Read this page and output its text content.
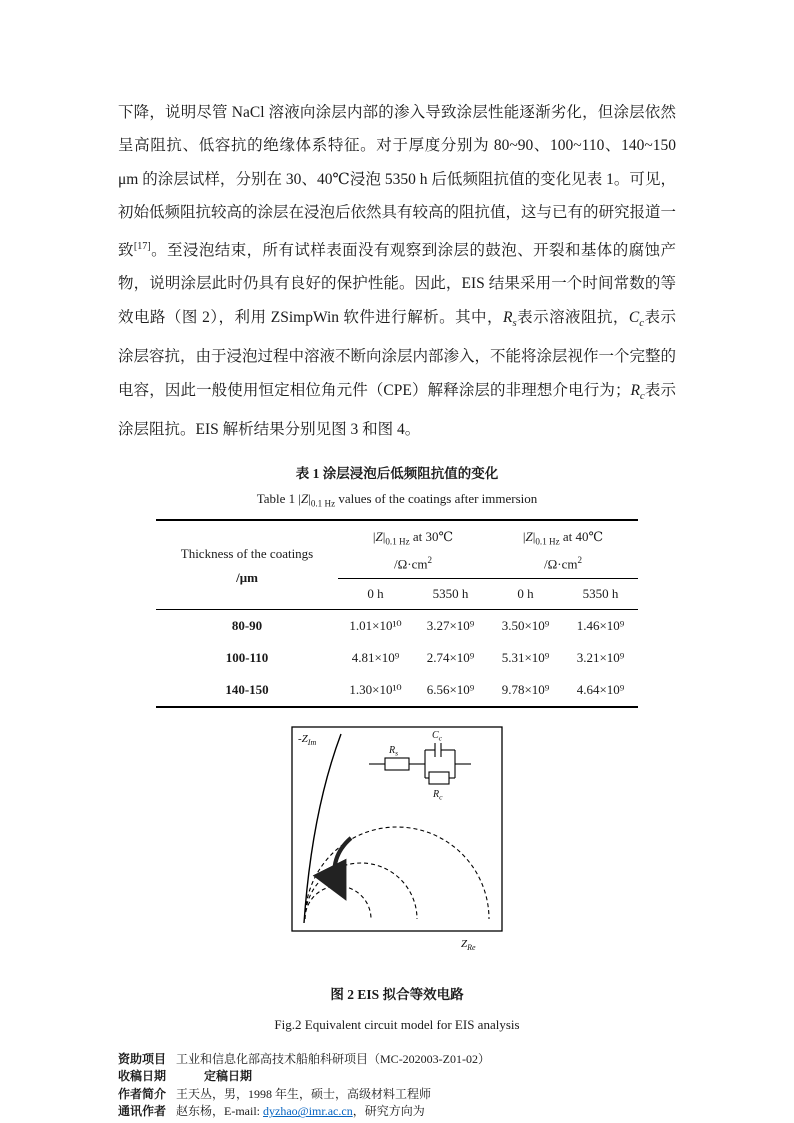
下降，说明尽管 NaCl 溶液向涂层内部的渗入导致涂层性能逐渐劣化，但涂层依然呈高阻抗、低容抗的绝缘体系特征。对于厚度分别为 80~90、100~110、140~150 μm 的涂层试样，分别在 30、40℃浸泡 5350 h 后低频阻抗值的变化见表 1。可见，初始低频阻抗较高的涂层在浸泡后依然具有较高的阻抗值，这与已有的研究报道一致[17]。至浸泡结束，所有试样表面没有观察到涂层的鼓泡、开裂和基体的腐蚀产物，说明涂层此时仍具有良好的保护性能。因此，EIS 结果采用一个时间常数的等效电路（图 2），利用 ZSimpWin 软件进行解析。其中，$R_s$表示溶液阻抗，$C_c$表示涂层容抗，由于浸泡过程中溶液不断向涂层内部渗入，不能将涂层视作一个完整的电容，因此一般使用恒定相位角元件（CPE）解释涂层的非理想介电行为；$R_c$表示涂层阻抗。EIS 解析结果分别见图 3 和图 4。

表 1 涂层浸泡后低频阻抗值的变化
Table 1 $|Z|_{0.1 Hz}$ values of the coatings after immersion
Thickness of the coatings
/μm

$|Z|_{0.1 Hz}$ at 30℃
$/\Omega\cdot cm^2$

$|Z|_{0.1 Hz}$ at 40℃
$/\Omega\cdot cm^2$

	0 h	5350 h	0 h	5350 h
80-90	1.01×10¹⁰	3.27×10⁹	3.50×10⁹	1.46×10⁹
100-110	4.81×10⁹	2.74×10⁹	5.31×10⁹	3.21×10⁹
140-150	1.30×10¹⁰	6.56×10⁹	9.78×10⁹	4.64×10⁹
$-Z_{Im}$
$Z_{Re}$
$R_s$
$C_c$
$R_c$
图 2 EIS 拟合等效电路
Fig.2 Equivalent circuit model for EIS analysis
资助项目 工业和信息化部高技术船舶科研项目（MC-202003-Z01-02）
收稿日期	定稿日期
作者简介 王天丛，男，1998 年生，硕士，高级材料工程师
通讯作者 赵东杨，E-mail: dyzhao@imr.ac.cn，研究方向为
